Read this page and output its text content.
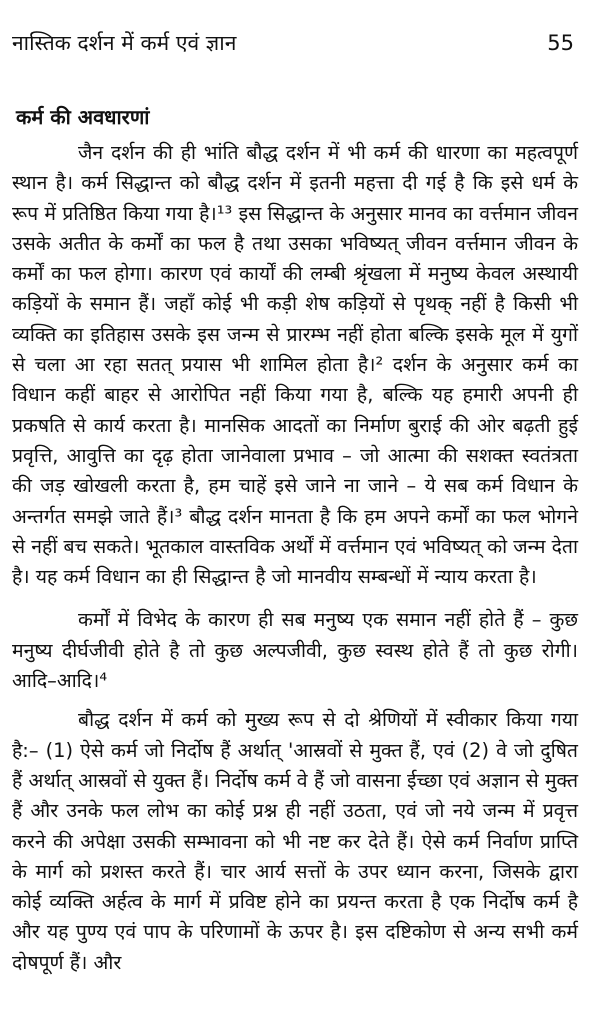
नास्तिक दर्शन में कर्म एवं ज्ञान	55
कर्म की अवधारणां

जैन दर्शन की ही भांति बौद्ध दर्शन में भी कर्म की धारणा का महत्वपूर्ण स्थान है। कर्म सिद्धान्त को बौद्ध दर्शन में इतनी महत्ता दी गई है कि इसे धर्म के रूप में प्रतिष्ठित किया गया है।¹³ इस सिद्धान्त के अनुसार मानव का वर्त्तमान जीवन उसके अतीत के कर्मों का फल है तथा उसका भविष्यत् जीवन वर्त्तमान जीवन के कर्मों का फल होगा। कारण एवं कार्यों की लम्बी श्रृंखला में मनुष्य केवल अस्थायी कड़ियों के समान हैं। जहाँ कोई भी कड़ी शेष कड़ियों से पृथक् नहीं है किसी भी व्यक्ति का इतिहास उसके इस जन्म से प्रारम्भ नहीं होता बल्कि इसके मूल में युगों से चला आ रहा सतत् प्रयास भी शामिल होता है।² दर्शन के अनुसार कर्म का विधान कहीं बाहर से आरोपित नहीं किया गया है, बल्कि यह हमारी अपनी ही प्रकषति से कार्य करता है। मानसिक आदतों का निर्माण बुराई की ओर बढ़ती हुई प्रवृत्ति, आवुत्ति का दृढ़ होता जानेवाला प्रभाव – जो आत्मा की सशक्त स्वतंत्रता की जड़ खोखली करता है, हम चाहें इसे जाने ना जाने – ये सब कर्म विधान के अन्तर्गत समझे जाते हैं।³ बौद्ध दर्शन मानता है कि हम अपने कर्मों का फल भोगने से नहीं बच सकते। भूतकाल वास्तविक अर्थों में वर्त्तमान एवं भविष्यत् को जन्म देता है। यह कर्म विधान का ही सिद्धान्त है जो मानवीय सम्बन्धों में न्याय करता है।

कर्मों में विभेद के कारण ही सब मनुष्य एक समान नहीं होते हैं – कुछ मनुष्य दीर्घजीवी होते है तो कुछ अल्पजीवी, कुछ स्वस्थ होते हैं तो कुछ रोगी। आदि–आदि।⁴

बौद्ध दर्शन में कर्म को मुख्य रूप से दो श्रेणियों में स्वीकार किया गया है:– (1) ऐसे कर्म जो निर्दोष हैं अर्थात् 'आस्रवों से मुक्त हैं, एवं (2) वे जो दुषित हैं अर्थात् आस्रवों से युक्त हैं। निर्दोष कर्म वे हैं जो वासना ईच्छा एवं अज्ञान से मुक्त हैं और उनके फल लोभ का कोई प्रश्न ही नहीं उठता, एवं जो नये जन्म में प्रवृत्त करने की अपेक्षा उसकी सम्भावना को भी नष्ट कर देते हैं। ऐसे कर्म निर्वाण प्राप्ति के मार्ग को प्रशस्त करते हैं। चार आर्य सत्तों के उपर ध्यान करना, जिसके द्वारा कोई व्यक्ति अर्हत्व के मार्ग में प्रविष्ट होने का प्रयन्त करता है एक निर्दोष कर्म है और यह पुण्य एवं पाप के परिणामों के ऊपर है। इस दष्टिकोण से अन्य सभी कर्म दोषपूर्ण हैं। और
